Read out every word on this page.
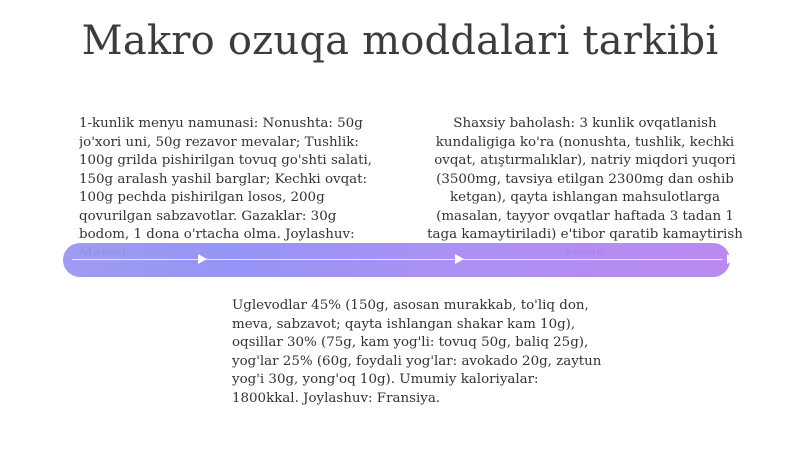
Makro ozuqa moddalari tarkibi
1-kunlik menyu namunasi: Nonushta: 50g jo'xori uni, 50g rezavor mevalar; Tushlik: 100g grilda pishirilgan tovuq go'shti salati, 150g aralash yashil barglar; Kechki ovqat: 100g pechda pishirilgan losos, 200g qovurilgan sabzavotlar. Gazaklar: 30g bodom, 1 dona o'rtacha olma. Joylashuv:
Shaxsiy baholash: 3 kunlik ovqatlanish kundaligiga ko'ra (nonushta, tushlik, kechki ovqat, atıştırmalıklar), natriy miqdori yuqori (3500mg, tavsiya etilgan 2300mg dan oshib ketgan), qayta ishlangan mahsulotlarga (masalan, tayyor ovqatlar haftada 3 tadan 1 taga kamaytiriladi) e'tibor qaratib kamaytirish
Uglevodlar 45% (150g, asosan murakkab, to'liq don, meva, sabzavot; qayta ishlangan shakar kam 10g), oqsillar 30% (75g, kam yog'li: tovuq 50g, baliq 25g), yog'lar 25% (60g, foydali yog'lar: avokado 20g, zaytun yog'i 30g, yong'oq 10g). Umumiy kaloriyalar: 1800kkal. Joylashuv: Fransiya.
